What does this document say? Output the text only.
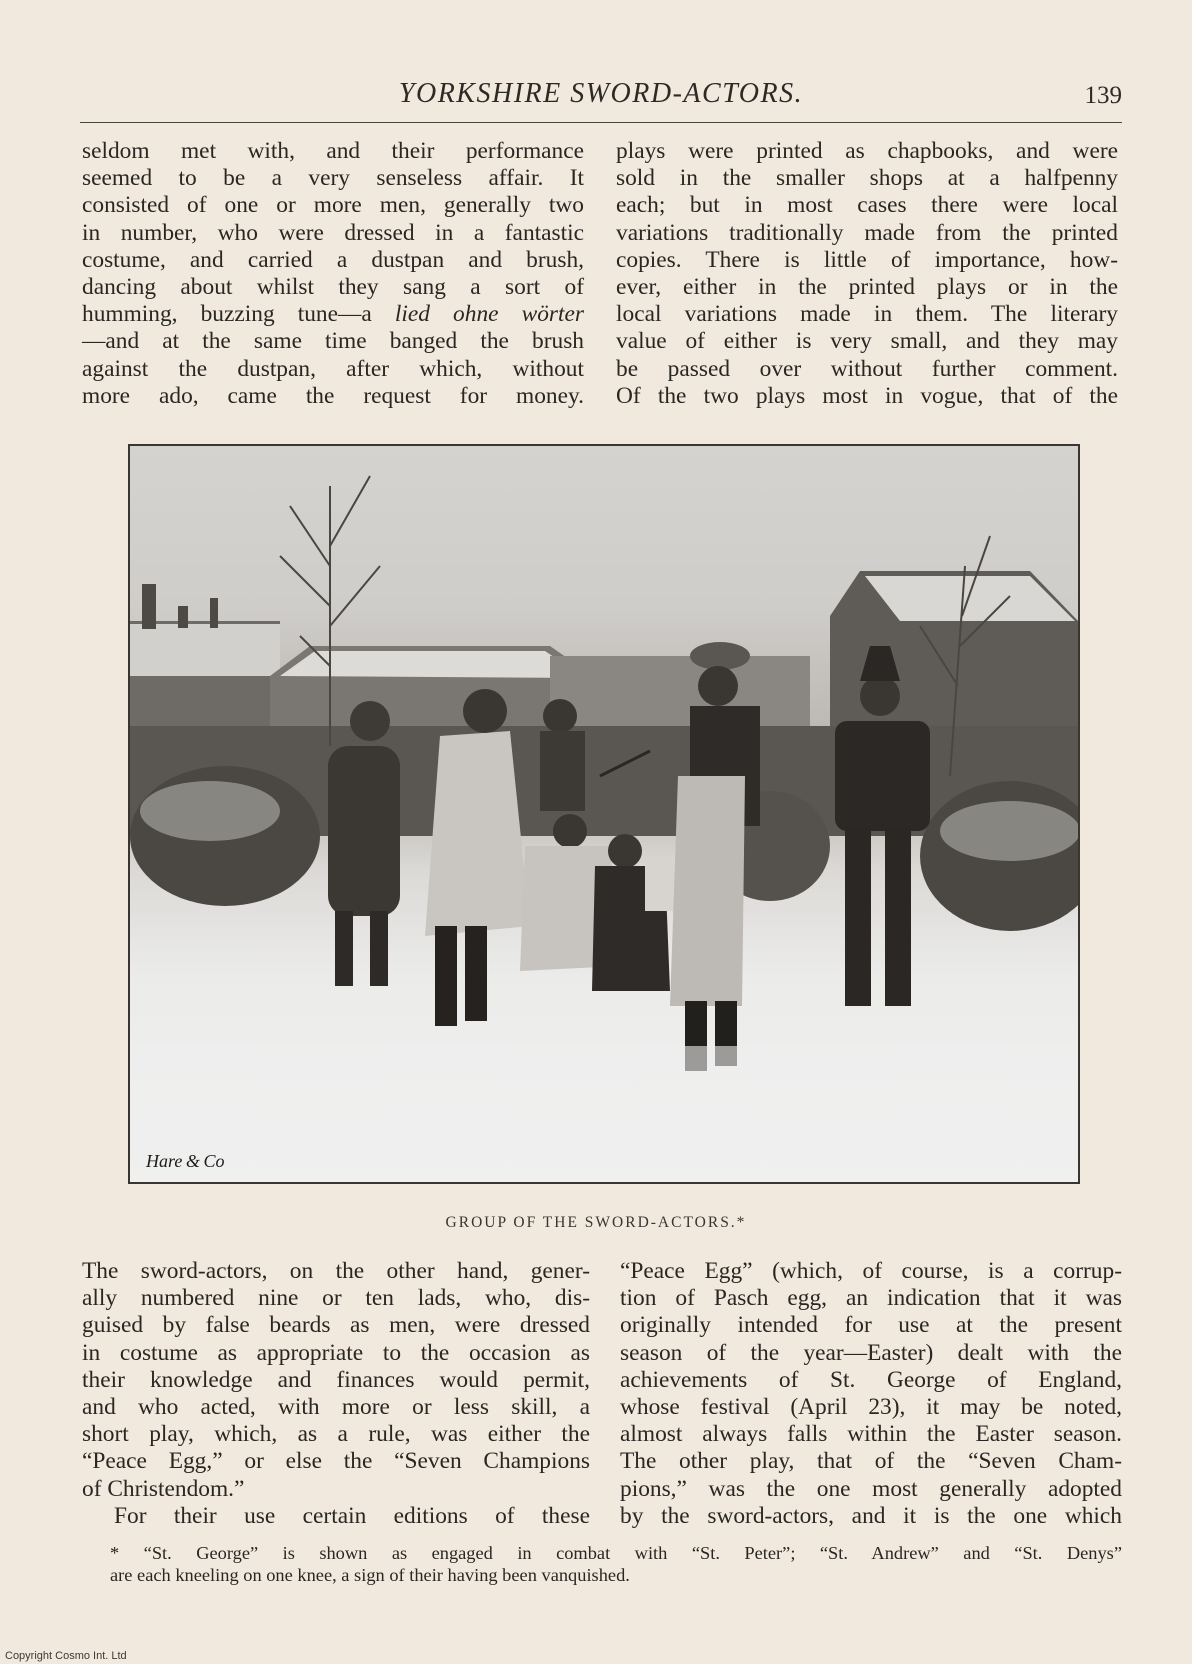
YORKSHIRE SWORD-ACTORS.	139

seldom met with, and their performance

seemed to be a very senseless affair. It

consisted of one or more men, generally two

in number, who were dressed in a fantastic

costume, and carried a dustpan and brush,

dancing about whilst they sang a sort of

humming, buzzing tune—a lied ohne wörter

—and at the same time banged the brush

against the dustpan, after which, without

more ado, came the request for money.

plays were printed as chapbooks, and were

sold in the smaller shops at a halfpenny

each; but in most cases there were local

variations traditionally made from the printed

copies. There is little of importance, how-

ever, either in the printed plays or in the

local variations made in them. The literary

value of either is very small, and they may

be passed over without further comment.

Of the two plays most in vogue, that of the

Hare & Co
GROUP OF THE SWORD-ACTORS.*

The sword-actors, on the other hand, gener-

ally numbered nine or ten lads, who, dis-

guised by false beards as men, were dressed

in costume as appropriate to the occasion as

their knowledge and finances would permit,

and who acted, with more or less skill, a

short play, which, as a rule, was either the

“Peace Egg,” or else the “Seven Champions

of Christendom.”

For their use certain editions of these

“Peace Egg” (which, of course, is a corrup-

tion of Pasch egg, an indication that it was

originally intended for use at the present

season of the year—Easter) dealt with the

achievements of St. George of England,

whose festival (April 23), it may be noted,

almost always falls within the Easter season.

The other play, that of the “Seven Cham-

pions,” was the one most generally adopted

by the sword-actors, and it is the one which

* “St. George” is shown as engaged in combat with “St. Peter”; “St. Andrew” and “St. Denys”
are each kneeling on one knee, a sign of their having been vanquished.
Copyright Cosmo Int. Ltd
